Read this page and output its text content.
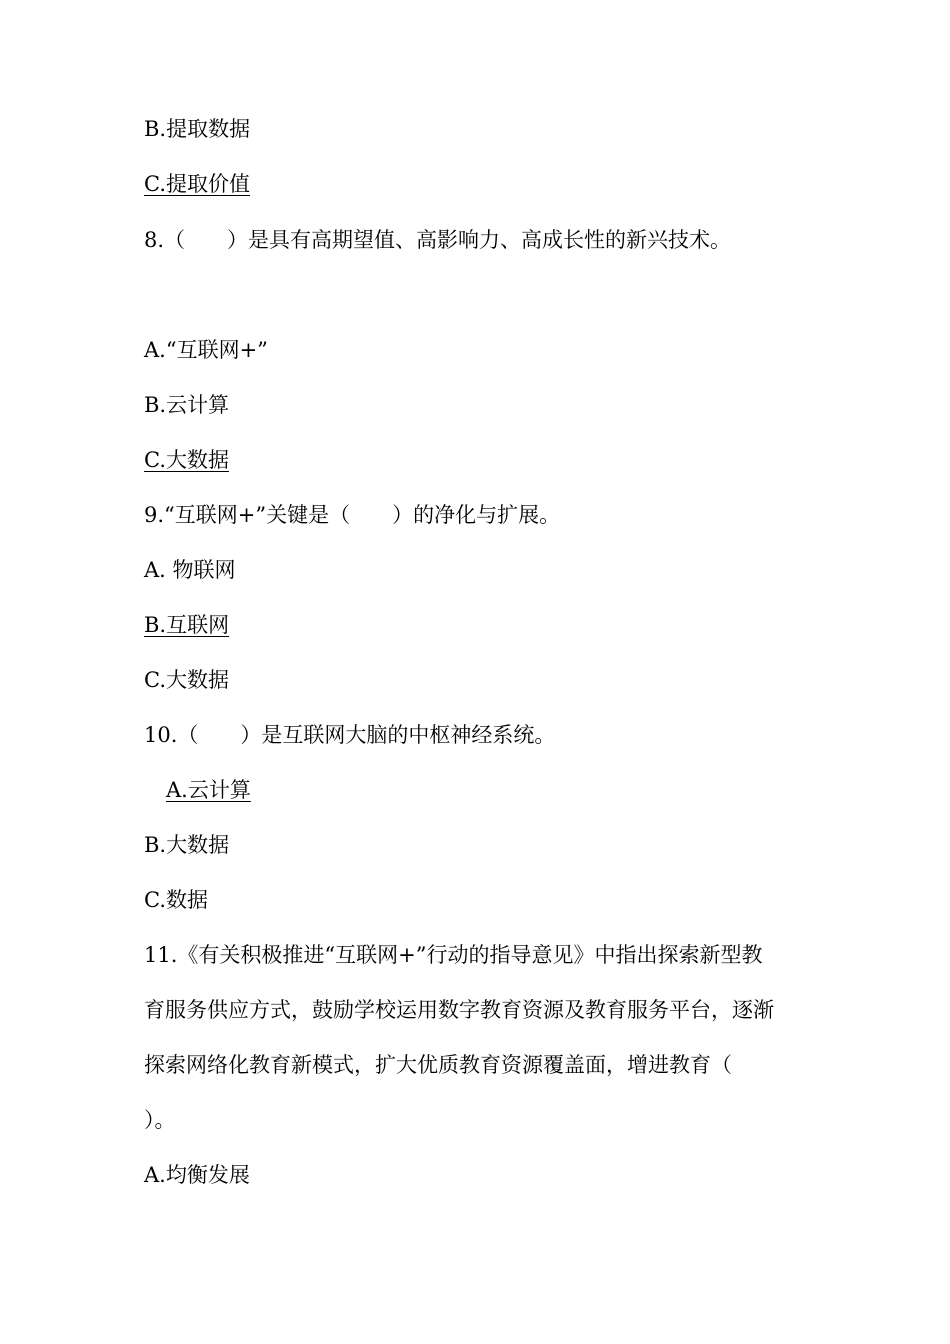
B.提取数据
C.提取价值
8.（　　）是具有高期望值、高影响力、高成长性的新兴技术。
A.“互联网+”
B.云计算
C.大数据
9.“互联网+”关键是（　　）的净化与扩展。
A. 物联网
B.互联网
C.大数据
10.（　　）是互联网大脑的中枢神经系统。
A.云计算
B.大数据
C.数据
11.《有关积极推进“互联网+”行动的指导意见》中指出探索新型教
育服务供应方式，鼓励学校运用数字教育资源及教育服务平台，逐渐
探索网络化教育新模式，扩大优质教育资源覆盖面，增进教育（
）。
A.均衡发展
